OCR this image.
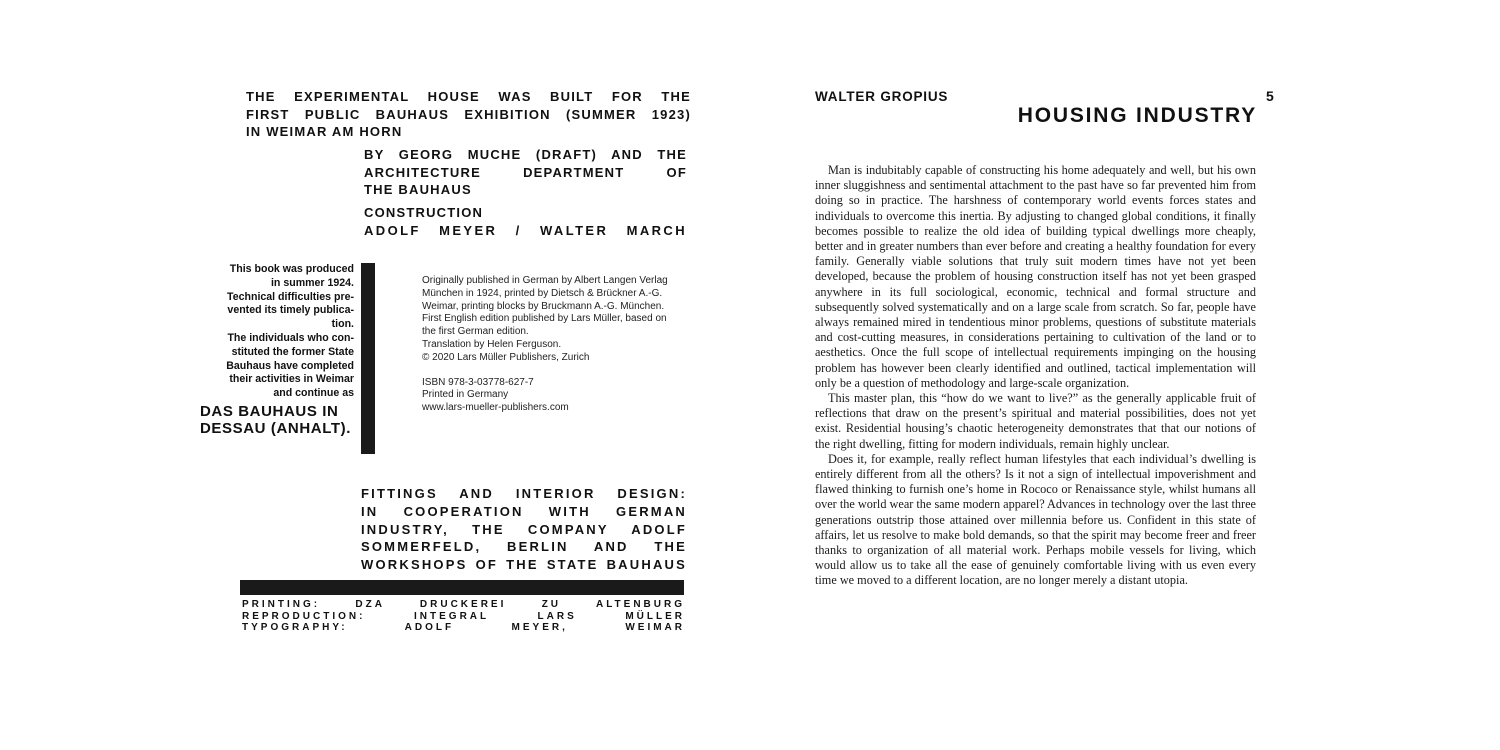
THE EXPERIMENTAL HOUSE WAS BUILT FOR THE
FIRST PUBLIC BAUHAUS EXHIBITION (SUMMER 1923)
IN WEIMAR AM HORN
BY GEORG MUCHE (DRAFT) AND THE
ARCHITECTURE DEPARTMENT OF
THE BAUHAUS
CONSTRUCTION
ADOLF MEYER / WALTER MARCH
This book was produced
in summer 1924.
Technical difficulties pre-
vented its timely publica-
tion.
The individuals who con-
stituted the former State
Bauhaus have completed
their activities in Weimar
and continue as
DAS BAUHAUS IN
DESSAU (ANHALT).
Originally published in German by Albert Langen Verlag
München in 1924, printed by Dietsch & Brückner A.-G.
Weimar, printing blocks by Bruckmann A.-G. München.
First English edition published by Lars Müller, based on
the first German edition.
Translation by Helen Ferguson.
© 2020 Lars Müller Publishers, Zurich
ISBN 978-3-03778-627-7
Printed in Germany
www.lars-mueller-publishers.com
FITTINGS AND INTERIOR DESIGN:
IN COOPERATION WITH GERMAN
INDUSTRY, THE COMPANY ADOLF
SOMMERFELD, BERLIN AND THE
WORKSHOPS OF THE STATE BAUHAUS
PRINTING: DZA DRUCKEREI ZU ALTENBURG
REPRODUCTION: INTEGRAL LARS MÜLLER
TYPOGRAPHY: ADOLF MEYER, WEIMAR
WALTER GROPIUS	5
HOUSING INDUSTRY

Man is indubitably capable of constructing his home adequately and well, but his own inner sluggishness and sentimental attachment to the past have so far prevented him from doing so in practice. The harshness of contemporary world events forces states and individuals to overcome this inertia. By adjusting to changed global conditions, it finally becomes possible to realize the old idea of building typical dwellings more cheaply, better and in greater numbers than ever before and creating a healthy foundation for every family. Generally viable solutions that truly suit modern times have not yet been developed, because the problem of housing construction itself has not yet been grasped anywhere in its full sociological, economic, technical and formal structure and subsequently solved systematically and on a large scale from scratch. So far, people have always remained mired in tendentious minor problems, questions of substitute materials and cost-cutting measures, in considerations pertaining to cultivation of the land or to aesthetics. Once the full scope of intellectual requirements impinging on the housing problem has however been clearly identified and outlined, tactical implementation will only be a question of methodology and large-scale organization.

This master plan, this “how do we want to live?” as the generally applicable fruit of reflections that draw on the present’s spiritual and material possibilities, does not yet exist. Residential housing’s chaotic heterogeneity demonstrates that that our notions of the right dwelling, fitting for modern individuals, remain highly unclear.

Does it, for example, really reflect human lifestyles that each individual’s dwelling is entirely different from all the others? Is it not a sign of intellectual impoverishment and flawed thinking to furnish one’s home in Rococo or Renaissance style, whilst humans all over the world wear the same modern apparel? Advances in technology over the last three generations outstrip those attained over millennia before us. Confident in this state of affairs, let us resolve to make bold demands, so that the spirit may become freer and freer thanks to organization of all material work. Perhaps mobile vessels for living, which would allow us to take all the ease of genuinely comfortable living with us even every time we moved to a different location, are no longer merely a distant utopia.
